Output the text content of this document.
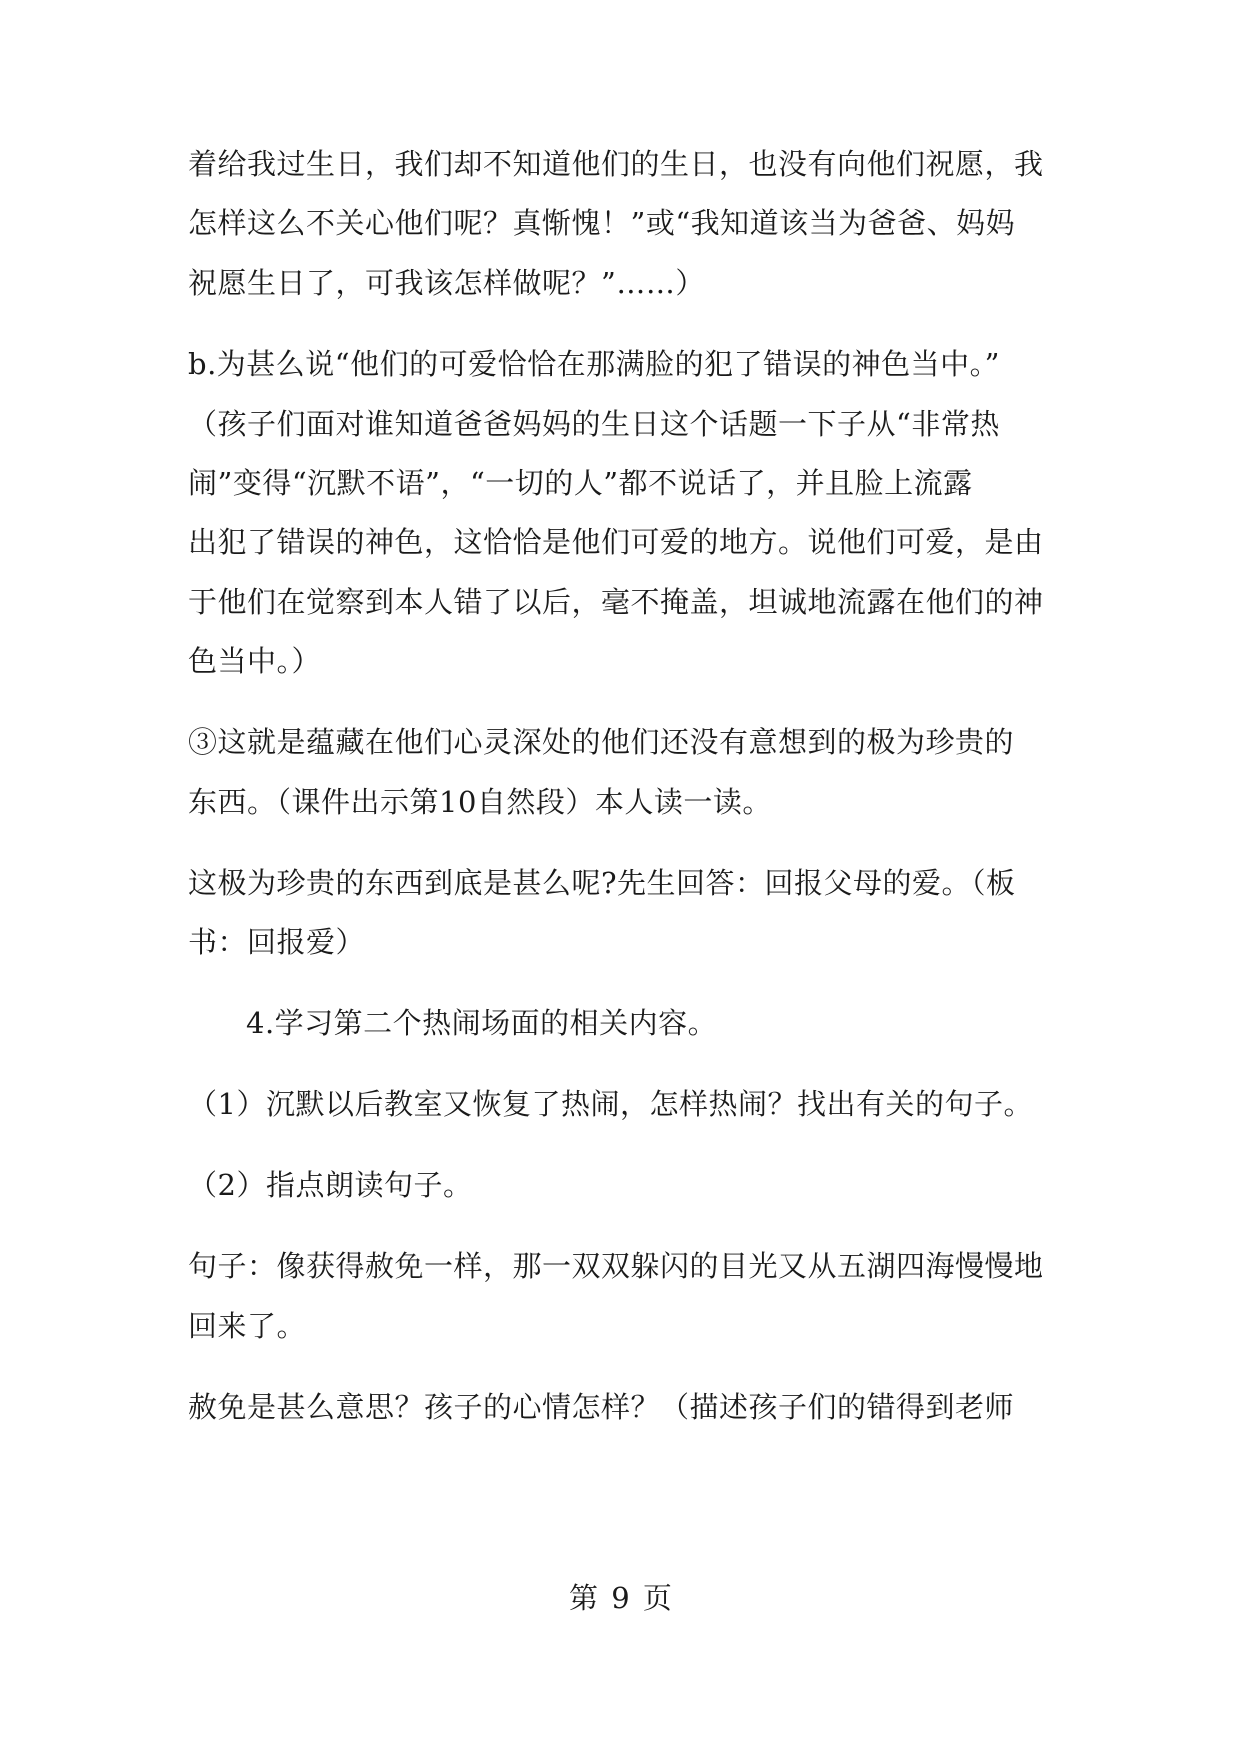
着给我过生日，我们却不知道他们的生日，也没有向他们祝愿，我
怎样这么不关心他们呢？真惭愧！”或“我知道该当为爸爸、妈妈
祝愿生日了，可我该怎样做呢？”……）
b.为甚么说“他们的可爱恰恰在那满脸的犯了错误的神色当中。”
（孩子们面对谁知道爸爸妈妈的生日这个话题一下子从“非常热
闹”变得“沉默不语”，“一切的人”都不说话了，并且脸上流露
出犯了错误的神色，这恰恰是他们可爱的地方。说他们可爱，是由
于他们在觉察到本人错了以后，毫不掩盖，坦诚地流露在他们的神
色当中。）
③这就是蕴藏在他们心灵深处的他们还没有意想到的极为珍贵的
东西。（课件出示第10自然段）本人读一读。
这极为珍贵的东西到底是甚么呢?先生回答：回报父母的爱。（板
书：回报爱）
4.学习第二个热闹场面的相关内容。
（1）沉默以后教室又恢复了热闹，怎样热闹？找出有关的句子。
（2）指点朗读句子。
句子：像获得赦免一样，那一双双躲闪的目光又从五湖四海慢慢地
回来了。
赦免是甚么意思？孩子的心情怎样？（描述孩子们的错得到老师
第 9 页
